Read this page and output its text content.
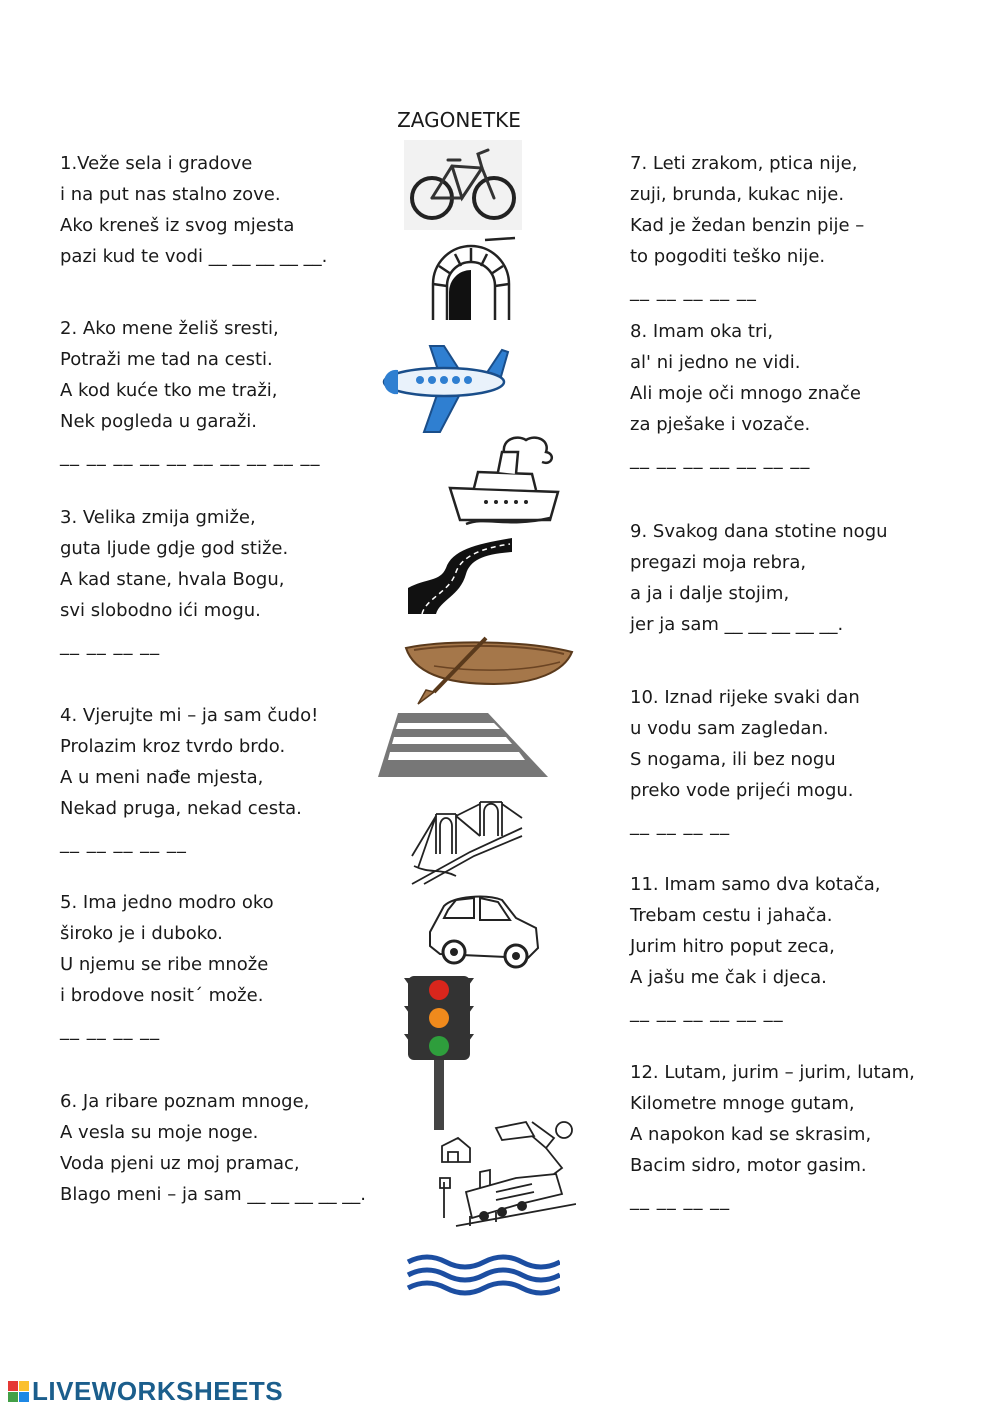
ZAGONETKE
1.Veže sela i gradove
i na put nas stalno zove.
Ako kreneš iz svog mjesta
pazi kud te vodi __ __ __ __ __.
2. Ako mene želiš sresti,
Potraži me tad na cesti.
A kod kuće tko me traži,
Nek pogleda u garaži.
__ __ __ __ __ __ __ __ __ __
3. Velika zmija gmiže,
guta ljude gdje god stiže.
A kad stane, hvala Bogu,
svi slobodno ići mogu.
__ __ __ __
4. Vjerujte mi – ja sam čudo!
Prolazim kroz tvrdo brdo.
A u meni nađe mjesta,
Nekad pruga, nekad cesta.
__ __ __ __ __
5. Ima jedno modro oko
široko je i duboko.
U njemu se ribe množe
i brodove nosit´ može.
__ __ __ __
6. Ja ribare poznam mnoge,
A vesla su moje noge.
Voda pjeni uz moj pramac,
Blago meni – ja sam __ __ __ __ __.
7. Leti zrakom, ptica nije,
zuji, brunda, kukac nije.
Kad je žedan benzin pije –
to pogoditi teško nije.
__ __ __ __ __
8. Imam oka tri,
al' ni jedno ne vidi.
Ali moje oči mnogo znače
za pješake i vozače.
__ __ __ __ __ __ __
9. Svakog dana stotine nogu
pregazi moja rebra,
a ja i dalje stojim,
jer ja sam __ __ __ __ __.
10. Iznad rijeke svaki dan
u vodu sam zagledan.
S nogama, ili bez nogu
preko vode prijeći mogu.
__ __ __ __
11. Imam samo dva kotača,
Trebam cestu i jahača.
Jurim hitro poput zeca,
A jašu me čak i djeca.
__ __ __ __ __ __
12. Lutam, jurim – jurim, lutam,
Kilometre mnoge gutam,
A napokon kad se skrasim,
Bacim sidro, motor gasim.
__ __ __ __
LIVEWORKSHEETS
